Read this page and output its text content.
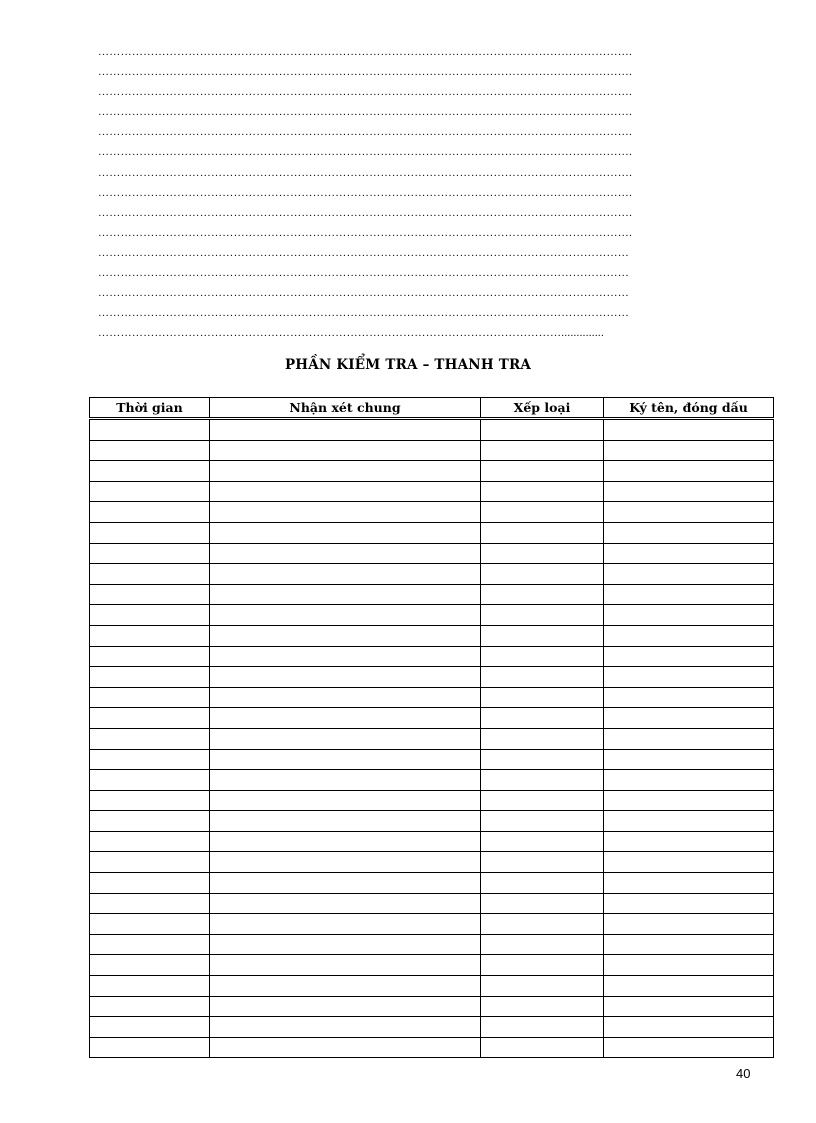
…………………………………………………………………………………………………………………………….
…………………………………………………………………………………………………………………………….
…………………………………………………………………………………………………………………………….
…………………………………………………………………………………………………………………………….
…………………………………………………………………………………………………………………………….
…………………………………………………………………………………………………………………………….
…………………………………………………………………………………………………………………………….
…………………………………………………………………………………………………………………………….
…………………………………………………………………………………………………………………………….
…………………………………………………………………………………………………………………………….
……………………………………………………………………………………………………………………………
……………………………………………………………………………………………………………………………
……………………………………………………………………………………………………………………………
……………………………………………………………………………………………………………………………
……………………………………………………………………………………………………………..............
PHẦN KIỂM TRA – THANH TRA
Thời gian	Nhận xét chung	Xếp loại	Ký tên, đóng dấu

40
